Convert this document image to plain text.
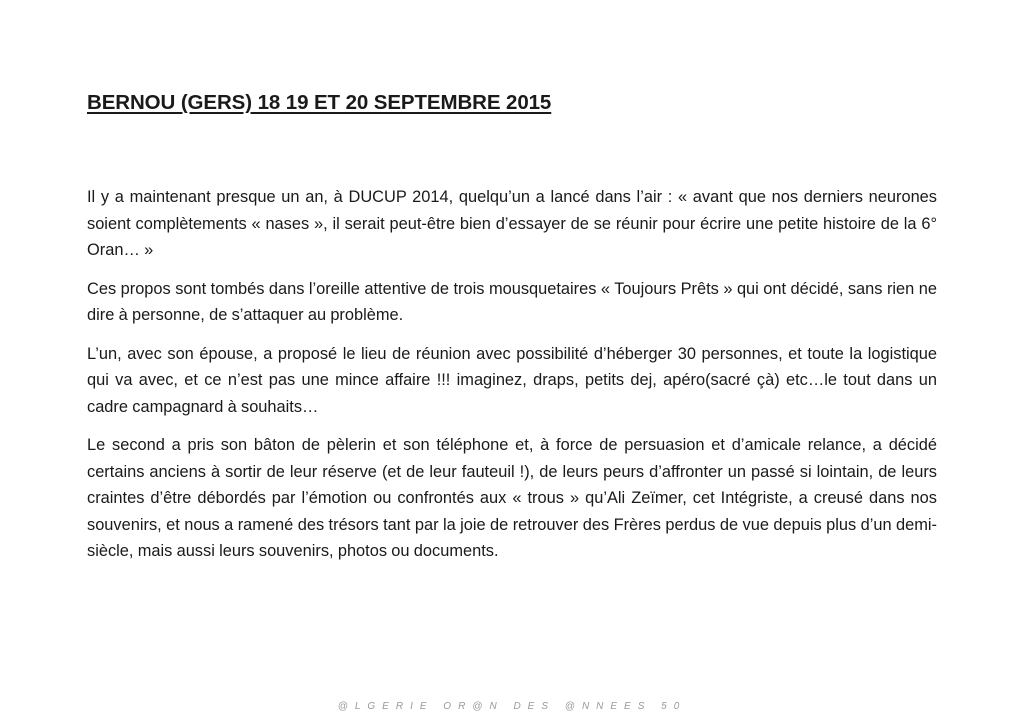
BERNOU (GERS) 18 19 ET 20 SEPTEMBRE 2015

Il y a maintenant presque un an, à DUCUP 2014, quelqu’un a lancé dans l’air : « avant que nos derniers neurones soient complètements « nases », il serait peut-être bien d’essayer de se réunir pour écrire une petite histoire de la 6° Oran… »

Ces propos sont tombés dans l’oreille attentive de trois mousquetaires « Toujours Prêts » qui ont décidé, sans rien ne dire à personne, de s’attaquer au problème.

L’un, avec son épouse, a proposé le lieu de réunion avec possibilité d’héberger 30 personnes, et toute la logistique qui va avec, et ce n’est pas une mince affaire !!! imaginez, draps, petits dej, apéro(sacré çà) etc…le tout dans un cadre campagnard à souhaits…

Le second a pris son bâton de pèlerin et son téléphone et, à force de persuasion et d’amicale relance, a décidé certains anciens à sortir de leur réserve (et de leur fauteuil !), de leurs peurs d’affronter un passé si lointain, de leurs craintes d’être débordés par l’émotion ou confrontés aux « trous » qu’Ali Zeïmer, cet Intégriste, a creusé dans nos souvenirs, et nous a ramené des trésors tant par la joie de retrouver des Frères perdus de vue depuis plus d’un demi-siècle, mais aussi leurs souvenirs, photos ou documents.

@LGERIE OR@N DES @NNEES 50
